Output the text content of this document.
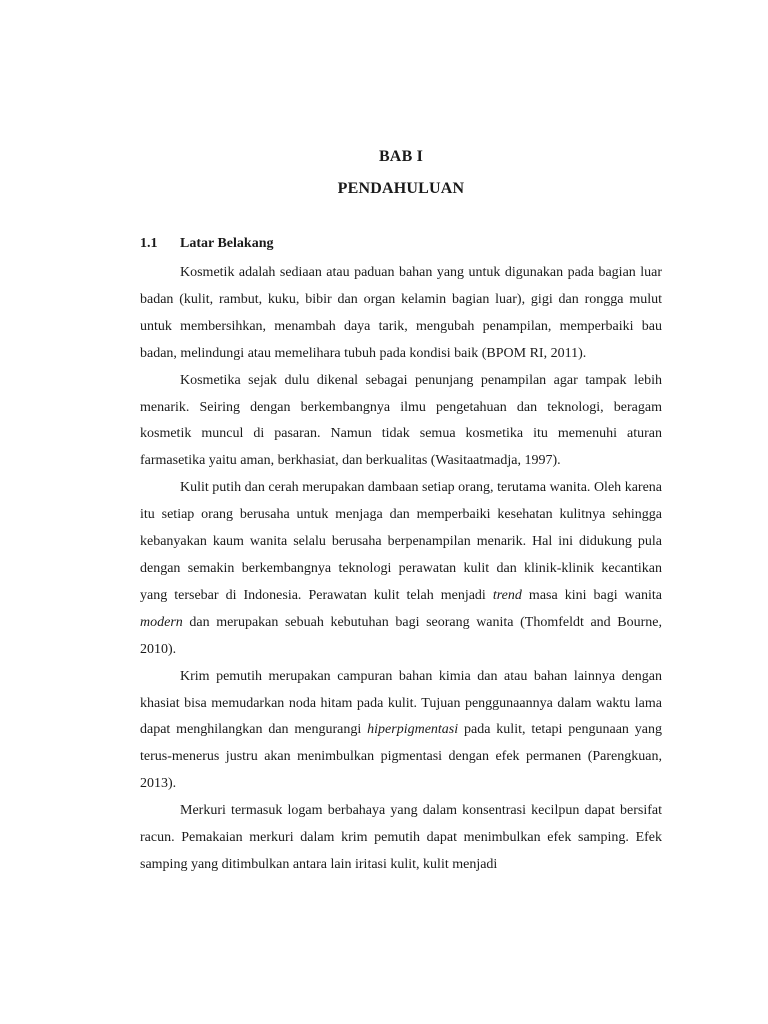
BAB I
PENDAHULUAN
1.1 Latar Belakang

Kosmetik adalah sediaan atau paduan bahan yang untuk digunakan pada bagian luar badan (kulit, rambut, kuku, bibir dan organ kelamin bagian luar), gigi dan rongga mulut untuk membersihkan, menambah daya tarik, mengubah penampilan, memperbaiki bau badan, melindungi atau memelihara tubuh pada kondisi baik (BPOM RI, 2011).

Kosmetika sejak dulu dikenal sebagai penunjang penampilan agar tampak lebih menarik. Seiring dengan berkembangnya ilmu pengetahuan dan teknologi, beragam kosmetik muncul di pasaran. Namun tidak semua kosmetika itu memenuhi aturan farmasetika yaitu aman, berkhasiat, dan berkualitas (Wasitaatmadja, 1997).

Kulit putih dan cerah merupakan dambaan setiap orang, terutama wanita. Oleh karena itu setiap orang berusaha untuk menjaga dan memperbaiki kesehatan kulitnya sehingga kebanyakan kaum wanita selalu berusaha berpenampilan menarik. Hal ini didukung pula dengan semakin berkembangnya teknologi perawatan kulit dan klinik-klinik kecantikan yang tersebar di Indonesia. Perawatan kulit telah menjadi trend masa kini bagi wanita modern dan merupakan sebuah kebutuhan bagi seorang wanita (Thomfeldt and Bourne, 2010).

Krim pemutih merupakan campuran bahan kimia dan atau bahan lainnya dengan khasiat bisa memudarkan noda hitam pada kulit. Tujuan penggunaannya dalam waktu lama dapat menghilangkan dan mengurangi hiperpigmentasi pada kulit, tetapi pengunaan yang terus-menerus justru akan menimbulkan pigmentasi dengan efek permanen (Parengkuan, 2013).

Merkuri termasuk logam berbahaya yang dalam konsentrasi kecilpun dapat bersifat racun. Pemakaian merkuri dalam krim pemutih dapat menimbulkan efek samping. Efek samping yang ditimbulkan antara lain iritasi kulit, kulit menjadi
